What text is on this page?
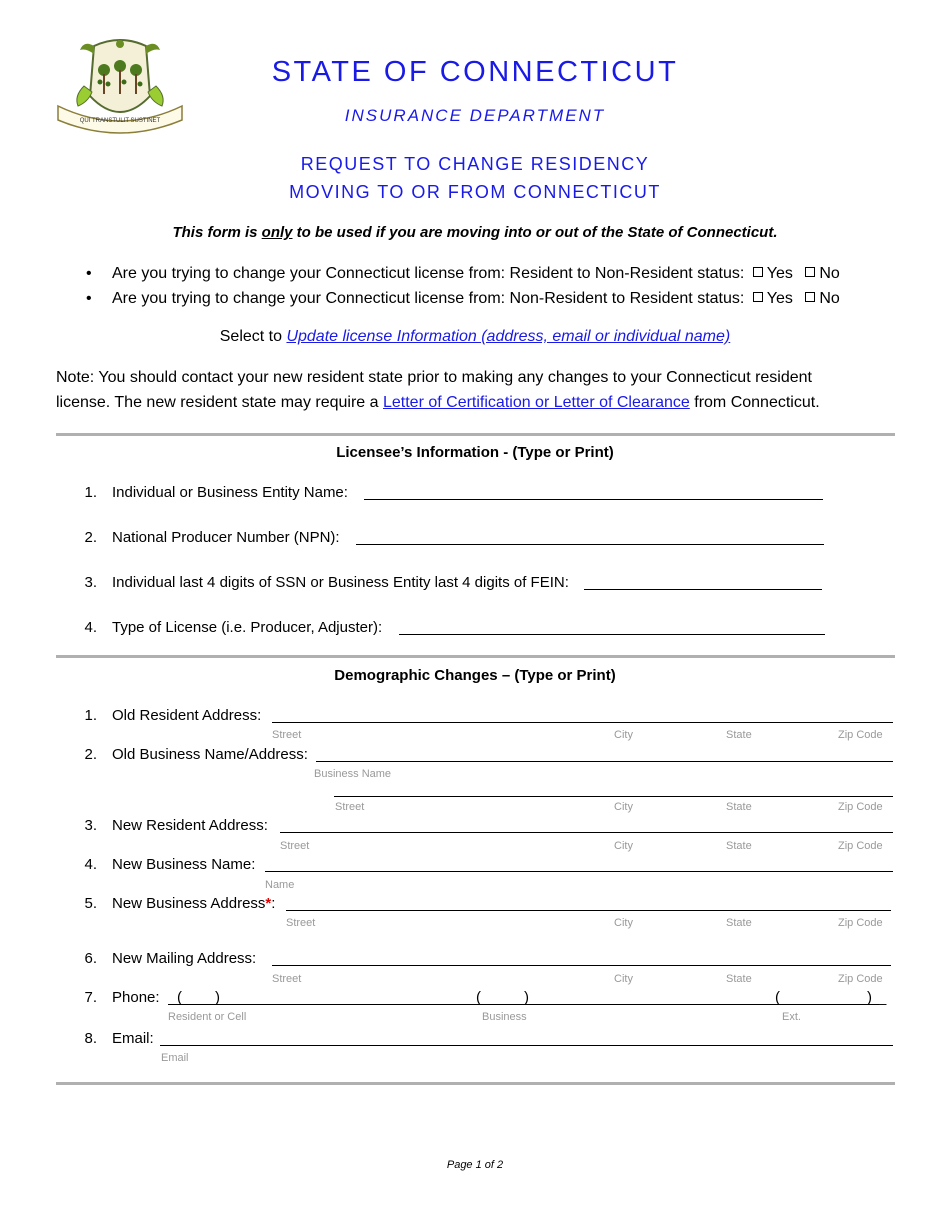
QUI TRANSTULIT SUSTINET
STATE OF CONNECTICUT
INSURANCE DEPARTMENT
REQUEST TO CHANGE RESIDENCY
MOVING TO OR FROM CONNECTICUT
This form is only to be used if you are moving into or out of the State of Connecticut.
• Are you trying to change your Connecticut license from: Resident to Non-Resident status: Yes No
• Are you trying to change your Connecticut license from: Non-Resident to Resident status: Yes No
Select to Update license Information (address, email or individual name)
Note: You should contact your new resident state prior to making any changes to your Connecticut resident
license. The new resident state may require a Letter of Certification or Letter of Clearance from Connecticut.
Licensee’s Information - (Type or Print)
1. Individual or Business Entity Name:
2. National Producer Number (NPN):
3. Individual last 4 digits of SSN or Business Entity last 4 digits of FEIN:
4. Type of License (i.e. Producer, Adjuster):
Demographic Changes – (Type or Print)
1. Old Resident Address:
Street	City	State	Zip Code
2. Old Business Name/Address:
Business Name
Street	City	State	Zip Code
3. New Resident Address:
Street	City	State	Zip Code
4. New Business Name:
Name
5. New Business Address*:
Street	City	State	Zip Code
6. New Mailing Address:
Street	City	State	Zip Code
7. Phone: ( )	(	)	(	) _
Resident or Cell	Business	Ext.
8. Email:
Email
Page 1 of 2
